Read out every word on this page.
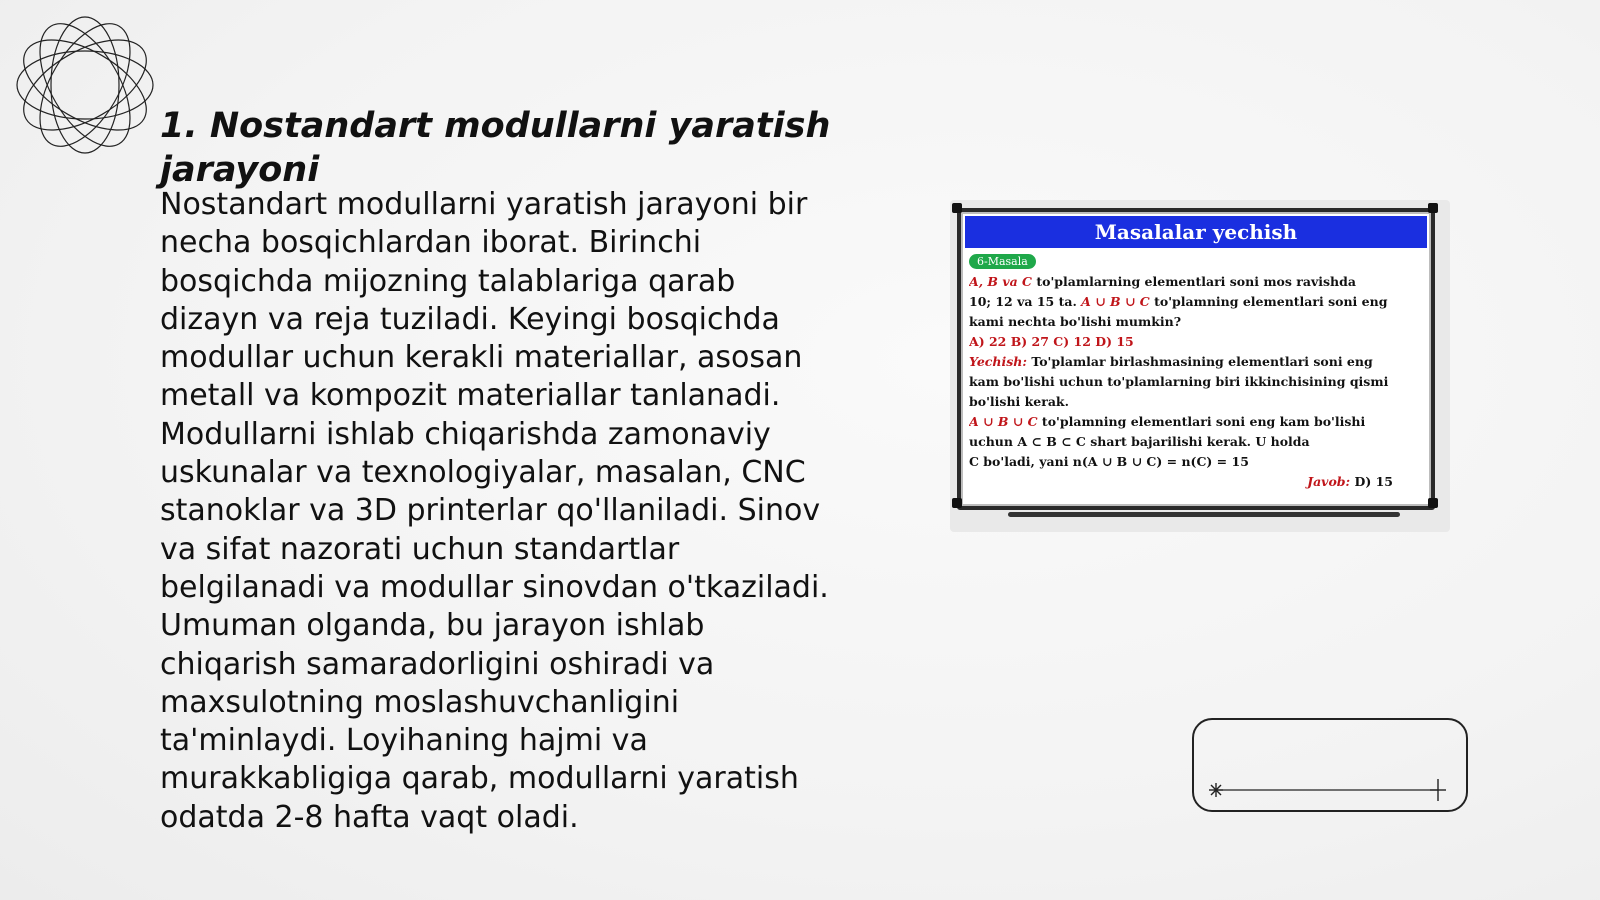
1. Nostandart modullarni yaratish jarayoni

Nostandart modullarni yaratish jarayoni bir necha bosqichlardan iborat. Birinchi bosqichda mijozning talablariga qarab dizayn va reja tuziladi. Keyingi bosqichda modullar uchun kerakli materiallar, asosan metall va kompozit materiallar tanlanadi. Modullarni ishlab chiqarishda zamonaviy uskunalar va texnologiyalar, masalan, CNC stanoklar va 3D printerlar qo'llaniladi. Sinov va sifat nazorati uchun standartlar belgilanadi va modullar sinovdan o'tkaziladi. Umuman olganda, bu jarayon ishlab chiqarish samaradorligini oshiradi va maxsulotning moslashuvchanligini ta'minlaydi. Loyihaning hajmi va murakkabligiga qarab, modullarni yaratish odatda 2-8 hafta vaqt oladi.

Masalalar yechish
6-Masala
A, B va C to'plamlarning elementlari soni mos ravishda
10; 12 va 15 ta. A ∪ B ∪ C to'plamning elementlari soni eng
kami nechta bo'lishi mumkin?
A) 22 B) 27 C) 12 D) 15
Yechish: To'plamlar birlashmasining elementlari soni eng
kam bo'lishi uchun to'plamlarning biri ikkinchisining qismi
bo'lishi kerak.
A ∪ B ∪ C to'plamning elementlari soni eng kam bo'lishi
uchun A ⊂ B ⊂ C shart bajarilishi kerak. U holda
C bo'ladi, yani n(A ∪ B ∪ C) = n(C) = 15
Javob: D) 15
